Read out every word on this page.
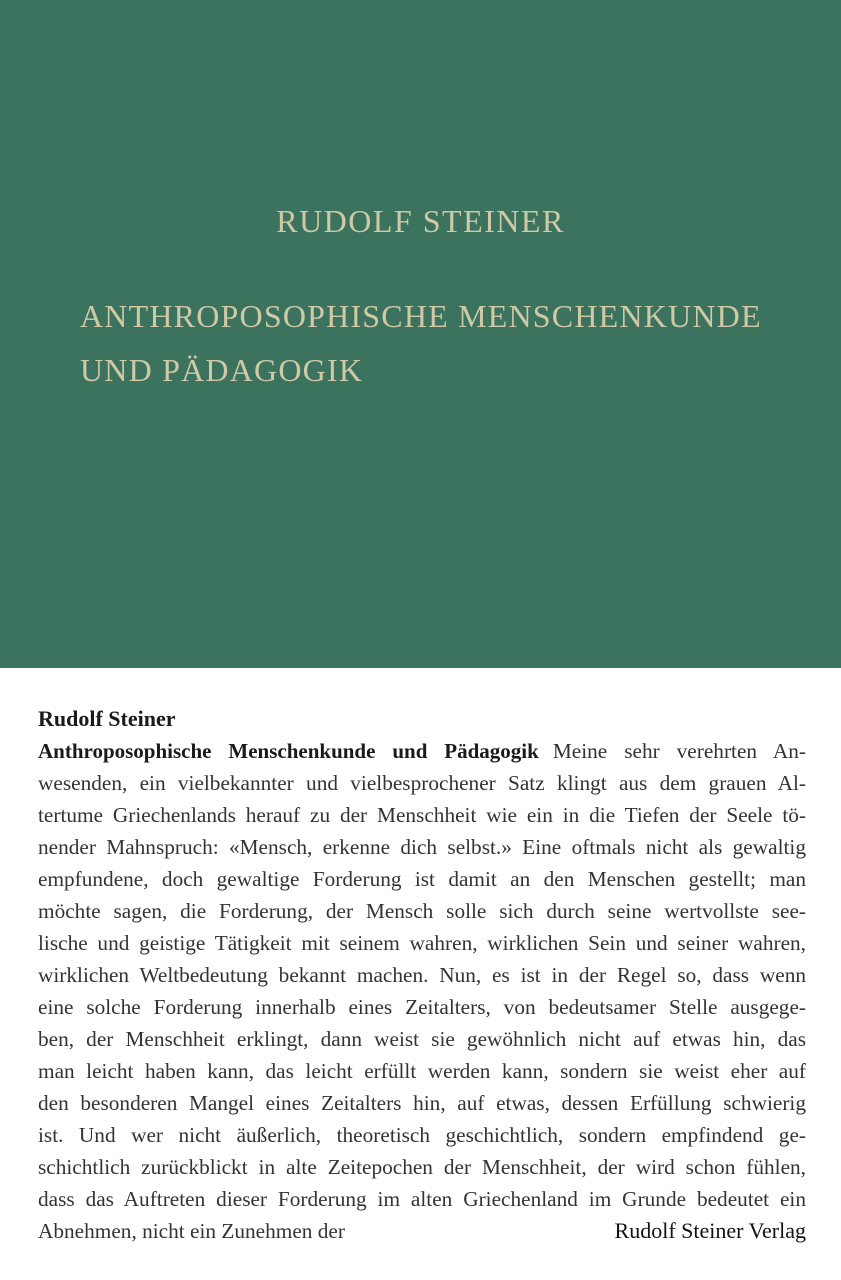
RUDOLF STEINER
ANTHROPOSOPHISCHE MENSCHENKUNDE
UND PÄDAGOGIK
Rudolf Steiner
Anthroposophische Menschenkunde und Pädagogik Meine sehr verehrten An-
wesenden, ein vielbekannter und vielbesprochener Satz klingt aus dem grauen Al-
tertume Griechenlands herauf zu der Menschheit wie ein in die Tiefen der Seele tö-
nender Mahnspruch: «Mensch, erkenne dich selbst.» Eine oftmals nicht als gewaltig
empfundene, doch gewaltige Forderung ist damit an den Menschen gestellt; man
möchte sagen, die Forderung, der Mensch solle sich durch seine wertvollste see-
lische und geistige Tätigkeit mit seinem wahren, wirklichen Sein und seiner wahren,
wirklichen Weltbedeutung bekannt machen. Nun, es ist in der Regel so, dass wenn
eine solche Forderung innerhalb eines Zeitalters, von bedeutsamer Stelle ausgege-
ben, der Menschheit erklingt, dann weist sie gewöhnlich nicht auf etwas hin, das
man leicht haben kann, das leicht erfüllt werden kann, sondern sie weist eher auf
den besonderen Mangel eines Zeitalters hin, auf etwas, dessen Erfüllung schwierig
ist. Und wer nicht äußerlich, theoretisch geschichtlich, sondern empfindend ge-
schichtlich zurückblickt in alte Zeitepochen der Menschheit, der wird schon fühlen,
dass das Auftreten dieser Forderung im alten Griechenland im Grunde bedeutet ein
Abnehmen, nicht ein Zunehmen der	Rudolf Steiner Verlag
